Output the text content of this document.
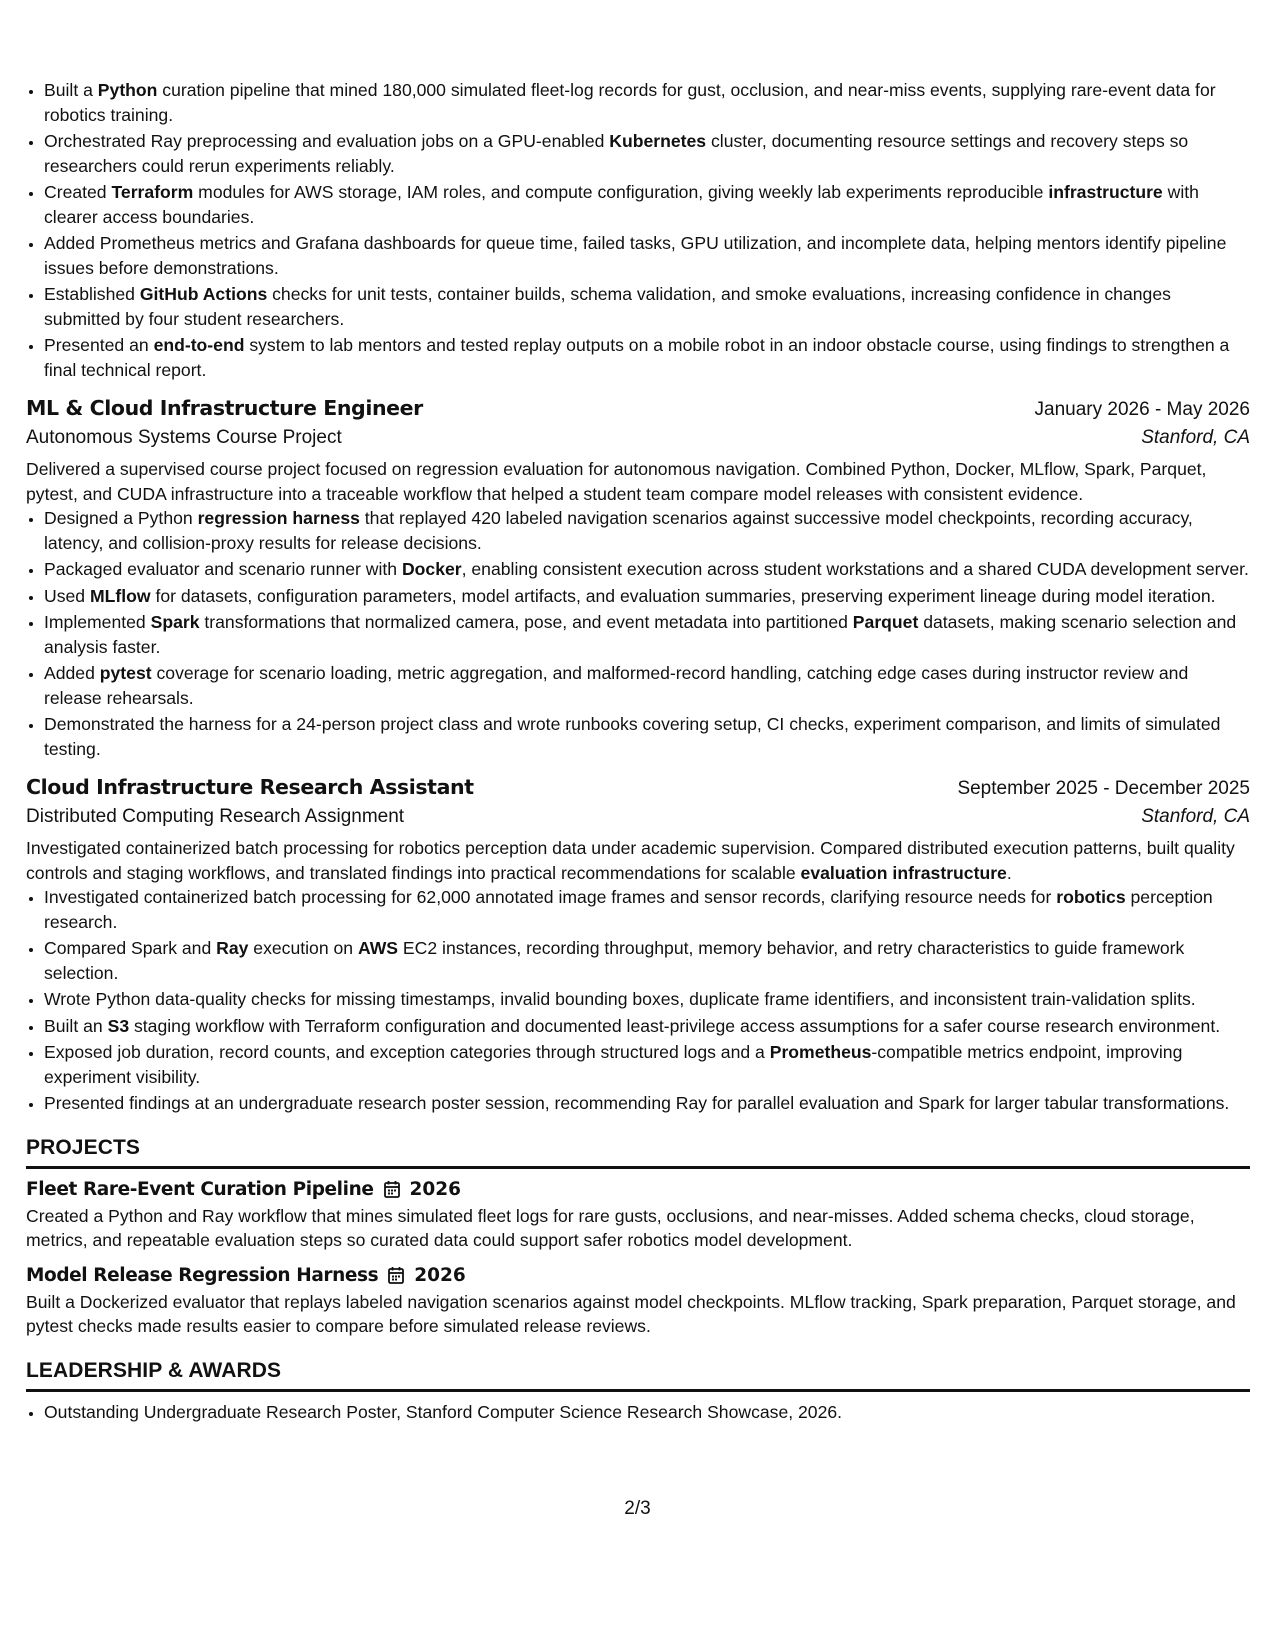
• Built a Python curation pipeline that mined 180,000 simulated fleet-log records for gust, occlusion, and near-miss events, supplying rare-event data for robotics training.
• Orchestrated Ray preprocessing and evaluation jobs on a GPU-enabled Kubernetes cluster, documenting resource settings and recovery steps so researchers could rerun experiments reliably.
• Created Terraform modules for AWS storage, IAM roles, and compute configuration, giving weekly lab experiments reproducible infrastructure with clearer access boundaries.
• Added Prometheus metrics and Grafana dashboards for queue time, failed tasks, GPU utilization, and incomplete data, helping mentors identify pipeline issues before demonstrations.
• Established GitHub Actions checks for unit tests, container builds, schema validation, and smoke evaluations, increasing confidence in changes submitted by four student researchers.
• Presented an end-to-end system to lab mentors and tested replay outputs on a mobile robot in an indoor obstacle course, using findings to strengthen a final technical report.
ML & Cloud Infrastructure Engineer	January 2026 - May 2026
Autonomous Systems Course Project	Stanford, CA
Delivered a supervised course project focused on regression evaluation for autonomous navigation. Combined Python, Docker, MLflow, Spark, Parquet, pytest, and CUDA infrastructure into a traceable workflow that helped a student team compare model releases with consistent evidence.
• Designed a Python regression harness that replayed 420 labeled navigation scenarios against successive model checkpoints, recording accuracy, latency, and collision-proxy results for release decisions.
• Packaged evaluator and scenario runner with Docker, enabling consistent execution across student workstations and a shared CUDA development server.
• Used MLflow for datasets, configuration parameters, model artifacts, and evaluation summaries, preserving experiment lineage during model iteration.
• Implemented Spark transformations that normalized camera, pose, and event metadata into partitioned Parquet datasets, making scenario selection and analysis faster.
• Added pytest coverage for scenario loading, metric aggregation, and malformed-record handling, catching edge cases during instructor review and release rehearsals.
• Demonstrated the harness for a 24-person project class and wrote runbooks covering setup, CI checks, experiment comparison, and limits of simulated testing.
Cloud Infrastructure Research Assistant	September 2025 - December 2025
Distributed Computing Research Assignment	Stanford, CA
Investigated containerized batch processing for robotics perception data under academic supervision. Compared distributed execution patterns, built quality controls and staging workflows, and translated findings into practical recommendations for scalable evaluation infrastructure.
• Investigated containerized batch processing for 62,000 annotated image frames and sensor records, clarifying resource needs for robotics perception research.
• Compared Spark and Ray execution on AWS EC2 instances, recording throughput, memory behavior, and retry characteristics to guide framework selection.
• Wrote Python data-quality checks for missing timestamps, invalid bounding boxes, duplicate frame identifiers, and inconsistent train-validation splits.
• Built an S3 staging workflow with Terraform configuration and documented least-privilege access assumptions for a safer course research environment.
• Exposed job duration, record counts, and exception categories through structured logs and a Prometheus-compatible metrics endpoint, improving experiment visibility.
• Presented findings at an undergraduate research poster session, recommending Ray for parallel evaluation and Spark for larger tabular transformations.
PROJECTS
Fleet Rare-Event Curation Pipeline 2026
Created a Python and Ray workflow that mines simulated fleet logs for rare gusts, occlusions, and near-misses. Added schema checks, cloud storage, metrics, and repeatable evaluation steps so curated data could support safer robotics model development.
Model Release Regression Harness 2026
Built a Dockerized evaluator that replays labeled navigation scenarios against model checkpoints. MLflow tracking, Spark preparation, Parquet storage, and pytest checks made results easier to compare before simulated release reviews.
LEADERSHIP & AWARDS
• Outstanding Undergraduate Research Poster, Stanford Computer Science Research Showcase, 2026.
2/3
